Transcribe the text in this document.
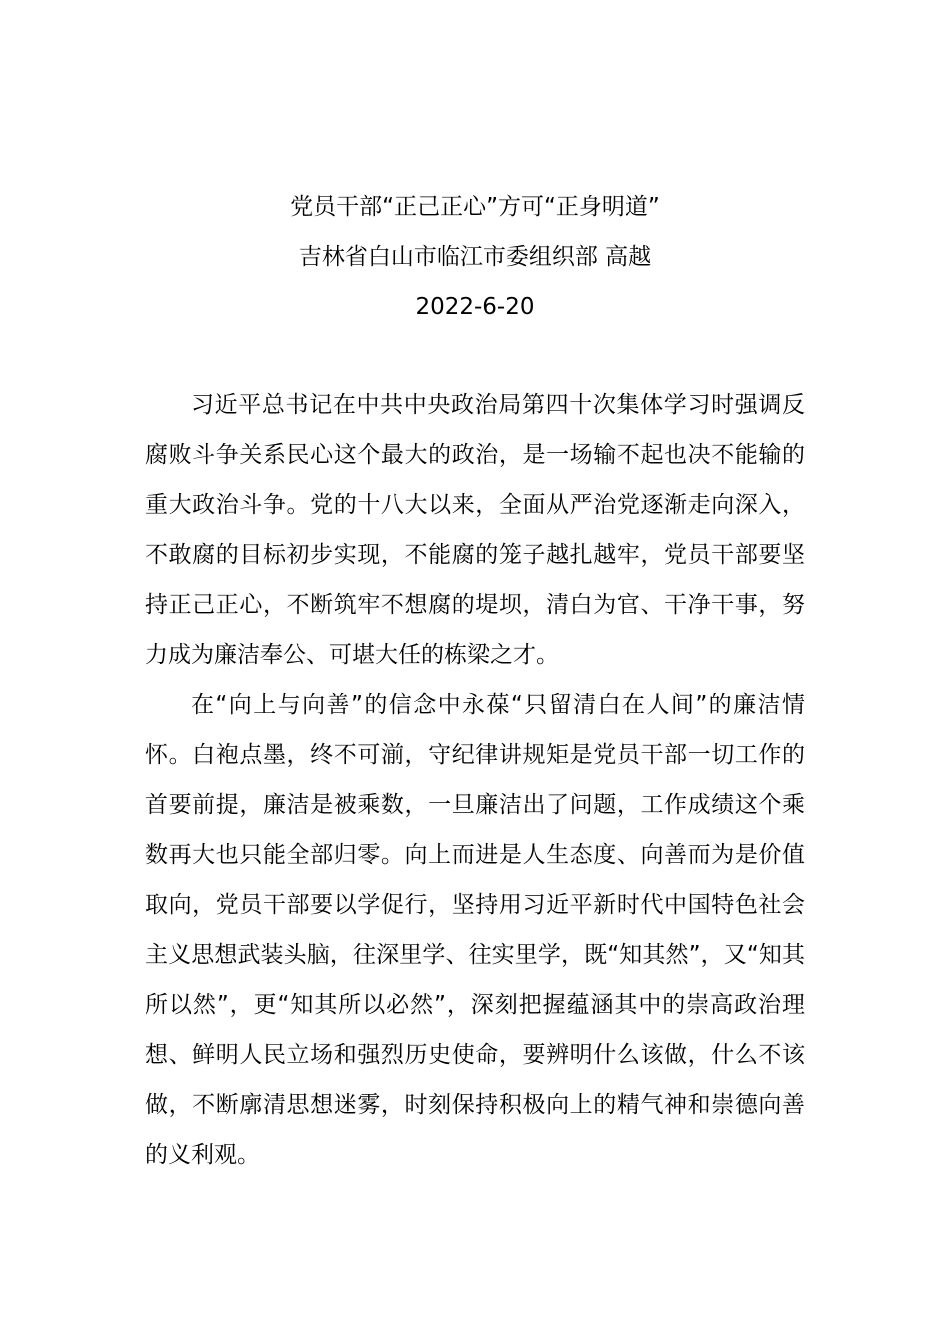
党员干部“正己正心”方可“正身明道”
吉林省白山市临江市委组织部 高越
2022-6-20

习近平总书记在中共中央政治局第四十次集体学习时强调反腐败斗争关系民心这个最大的政治，是一场输不起也决不能输的重大政治斗争。党的十八大以来，全面从严治党逐渐走向深入，不敢腐的目标初步实现，不能腐的笼子越扎越牢，党员干部要坚持正己正心，不断筑牢不想腐的堤坝，清白为官、干净干事，努力成为廉洁奉公、可堪大任的栋梁之才。

在“向上与向善”的信念中永葆“只留清白在人间”的廉洁情怀。白袍点墨，终不可湔，守纪律讲规矩是党员干部一切工作的首要前提，廉洁是被乘数，一旦廉洁出了问题，工作成绩这个乘数再大也只能全部归零。向上而进是人生态度、向善而为是价值取向，党员干部要以学促行，坚持用习近平新时代中国特色社会主义思想武装头脑，往深里学、往实里学，既“知其然”，又“知其所以然”，更“知其所以必然”，深刻把握蕴涵其中的崇高政治理想、鲜明人民立场和强烈历史使命，要辨明什么该做，什么不该做，不断廓清思想迷雾，时刻保持积极向上的精气神和崇德向善的义利观。
